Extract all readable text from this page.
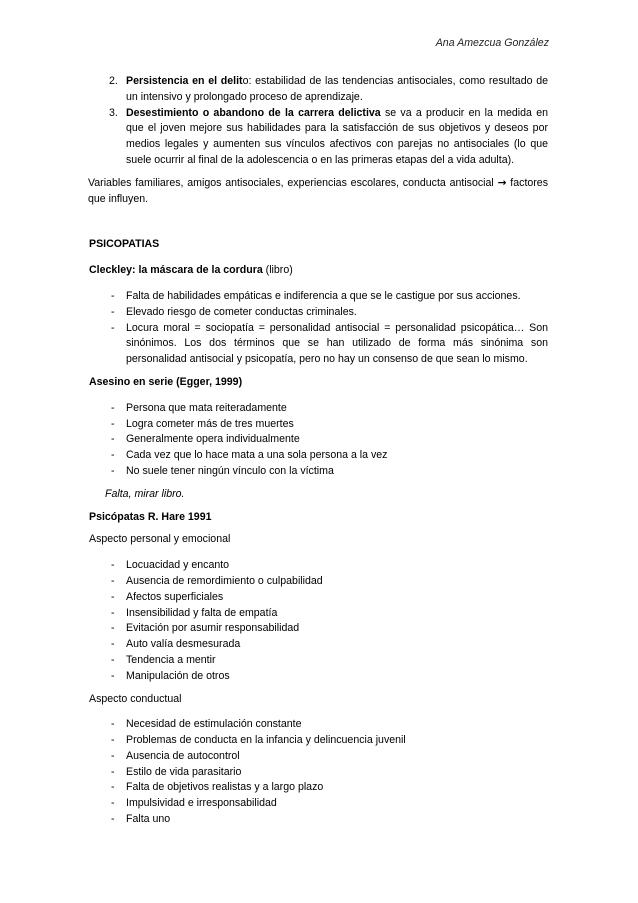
Ana Amezcua González
2. Persistencia en el delito: estabilidad de las tendencias antisociales, como resultado de un intensivo y prolongado proceso de aprendizaje.
3. Desestimiento o abandono de la carrera delictiva se va a producir en la medida en que el joven mejore sus habilidades para la satisfacción de sus objetivos y deseos por medios legales y aumenten sus vínculos afectivos con parejas no antisociales (lo que suele ocurrir al final de la adolescencia o en las primeras etapas del a vida adulta).

Variables familiares, amigos antisociales, experiencias escolares, conducta antisocial → factores que influyen.

PSICOPATIAS

Cleckley: la máscara de la cordura (libro)

- Falta de habilidades empáticas e indiferencia a que se le castigue por sus acciones.
- Elevado riesgo de cometer conductas criminales.
- Locura moral = sociopatía = personalidad antisocial = personalidad psicopática… Son sinónimos. Los dos términos que se han utilizado de forma más sinónima son personalidad antisocial y psicopatía, pero no hay un consenso de que sean lo mismo.

Asesino en serie (Egger, 1999)

- Persona que mata reiteradamente
- Logra cometer más de tres muertes
- Generalmente opera individualmente
- Cada vez que lo hace mata a una sola persona a la vez
- No suele tener ningún vínculo con la víctima

Falta, mirar libro.

Psicópatas R. Hare 1991

Aspecto personal y emocional

- Locuacidad y encanto
- Ausencia de remordimiento o culpabilidad
- Afectos superficiales
- Insensibilidad y falta de empatía
- Evitación por asumir responsabilidad
- Auto valía desmesurada
- Tendencia a mentir
- Manipulación de otros

Aspecto conductual

- Necesidad de estimulación constante
- Problemas de conducta en la infancia y delincuencia juvenil
- Ausencia de autocontrol
- Estilo de vida parasitario
- Falta de objetivos realistas y a largo plazo
- Impulsividad e irresponsabilidad
- Falta uno
